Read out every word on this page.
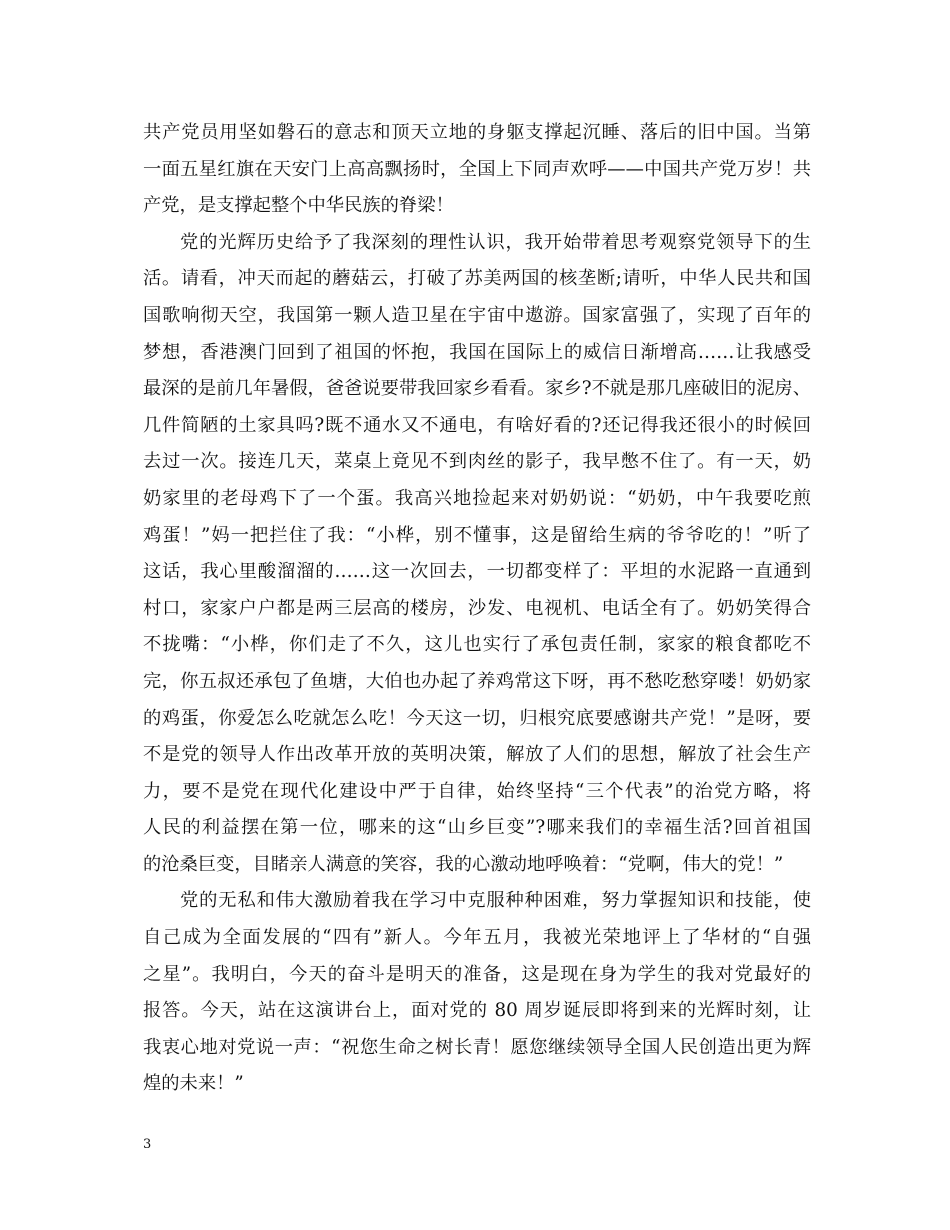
共产党员用坚如磐石的意志和顶天立地的身躯支撑起沉睡、落后的旧中国。当第
一面五星红旗在天安门上高高飘扬时，全国上下同声欢呼——中国共产党万岁！共
产党，是支撑起整个中华民族的脊梁！
党的光辉历史给予了我深刻的理性认识，我开始带着思考观察党领导下的生
活。请看，冲天而起的蘑菇云，打破了苏美两国的核垄断;请听，中华人民共和国
国歌响彻天空，我国第一颗人造卫星在宇宙中遨游。国家富强了，实现了百年的
梦想，香港澳门回到了祖国的怀抱，我国在国际上的威信日渐增高……让我感受
最深的是前几年暑假，爸爸说要带我回家乡看看。家乡?不就是那几座破旧的泥房、
几件简陋的土家具吗?既不通水又不通电，有啥好看的?还记得我还很小的时候回
去过一次。接连几天，菜桌上竟见不到肉丝的影子，我早憋不住了。有一天，奶
奶家里的老母鸡下了一个蛋。我高兴地捡起来对奶奶说：“奶奶，中午我要吃煎
鸡蛋！”妈一把拦住了我：“小桦，别不懂事，这是留给生病的爷爷吃的！”听了
这话，我心里酸溜溜的……这一次回去，一切都变样了：平坦的水泥路一直通到
村口，家家户户都是两三层高的楼房，沙发、电视机、电话全有了。奶奶笑得合
不拢嘴：“小桦，你们走了不久，这儿也实行了承包责任制，家家的粮食都吃不
完，你五叔还承包了鱼塘，大伯也办起了养鸡常这下呀，再不愁吃愁穿喽！奶奶家
的鸡蛋，你爱怎么吃就怎么吃！今天这一切，归根究底要感谢共产党！”是呀，要
不是党的领导人作出改革开放的英明决策，解放了人们的思想，解放了社会生产
力，要不是党在现代化建设中严于自律，始终坚持“三个代表”的治党方略，将
人民的利益摆在第一位，哪来的这“山乡巨变”?哪来我们的幸福生活?回首祖国
的沧桑巨变，目睹亲人满意的笑容，我的心激动地呼唤着：“党啊，伟大的党！”
党的无私和伟大激励着我在学习中克服种种困难，努力掌握知识和技能，使
自己成为全面发展的“四有”新人。今年五月，我被光荣地评上了华材的“自强
之星”。我明白，今天的奋斗是明天的准备，这是现在身为学生的我对党最好的
报答。今天，站在这演讲台上，面对党的 80 周岁诞辰即将到来的光辉时刻，让
我衷心地对党说一声：“祝您生命之树长青！愿您继续领导全国人民创造出更为辉
煌的未来！”
3
